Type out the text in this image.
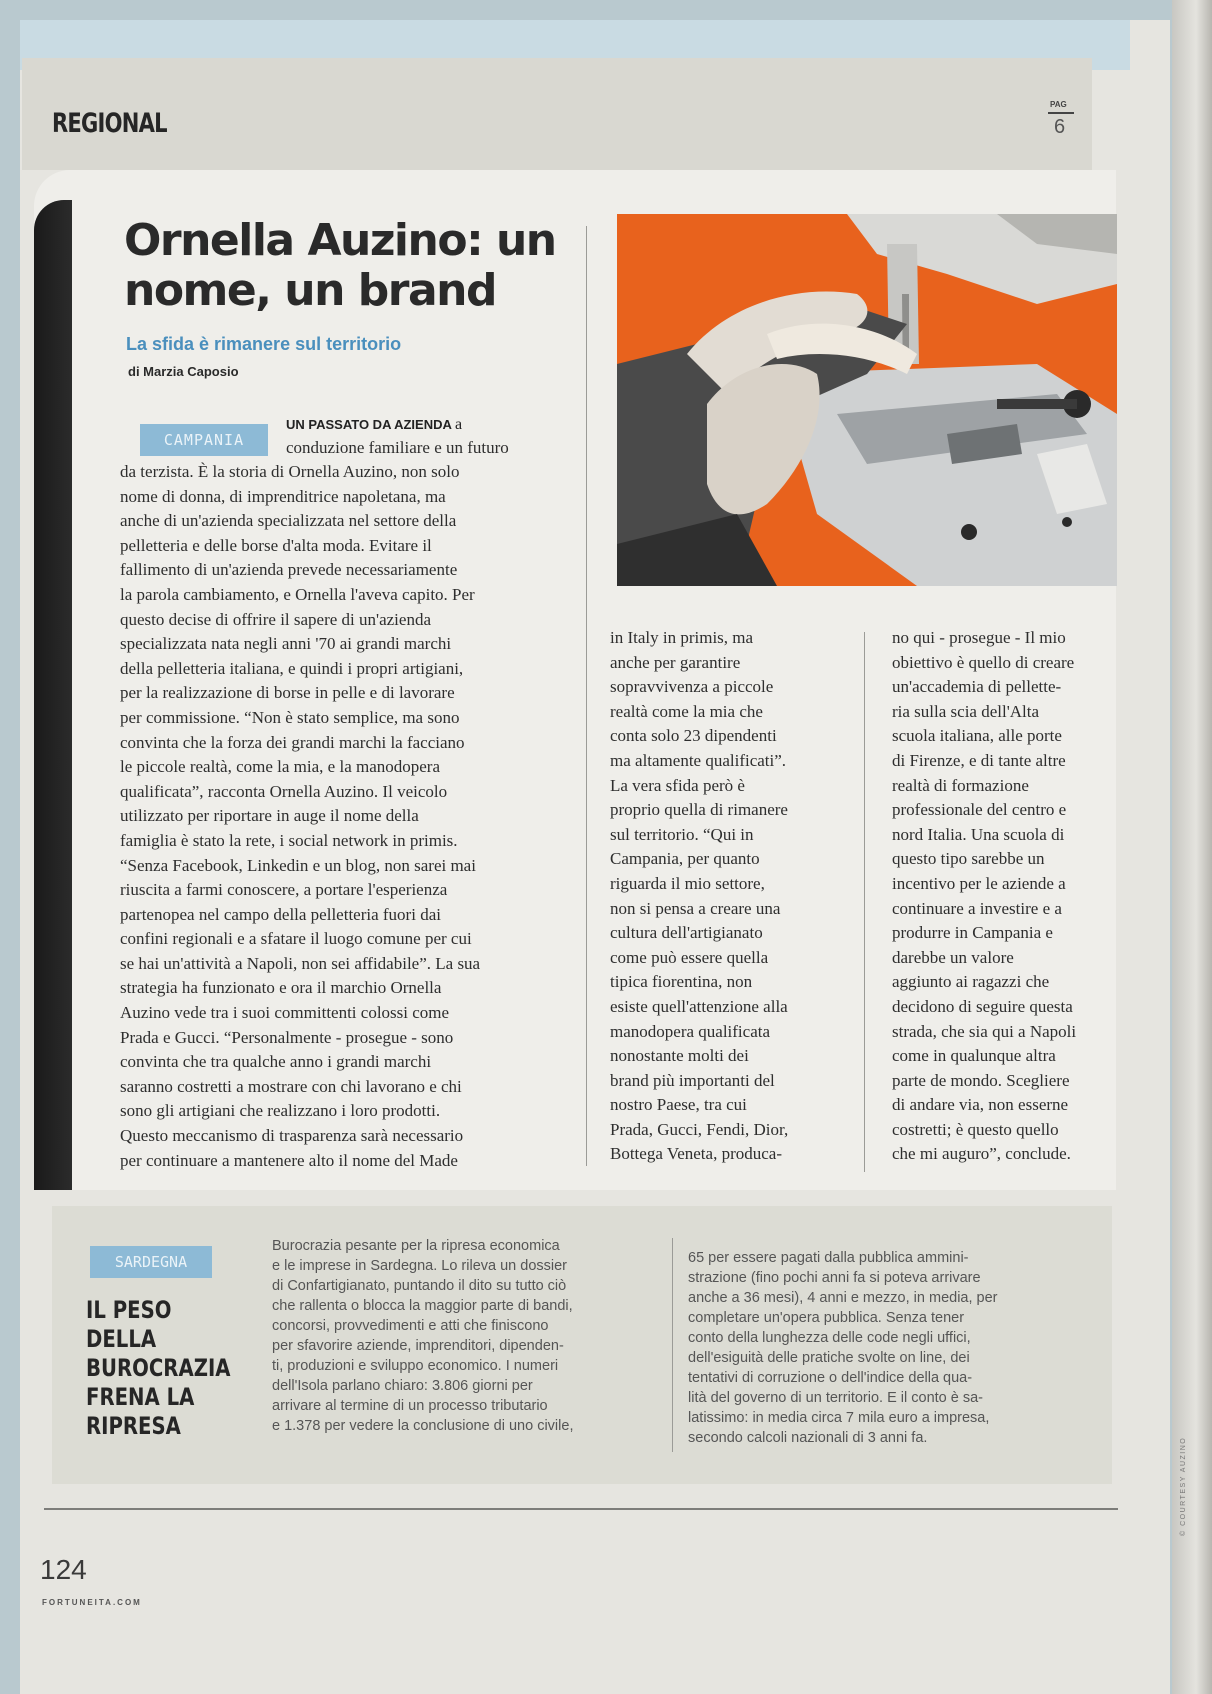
REGIONAL
PAG
6
Ornella Auzino: un nome, un brand
La sfida è rimanere sul territorio
di Marzia Caposio
CAMPANIA
UN PASSATO DA AZIENDA a

conduzione familiare e un futuro

da terzista. È la storia di Ornella Auzino, non solo
nome di donna, di imprenditrice napoletana, ma
anche di un'azienda specializzata nel settore della
pelletteria e delle borse d'alta moda. Evitare il
fallimento di un'azienda prevede necessariamente
la parola cambiamento, e Ornella l'aveva capito. Per
questo decise di offrire il sapere di un'azienda
specializzata nata negli anni '70 ai grandi marchi
della pelletteria italiana, e quindi i propri artigiani,
per la realizzazione di borse in pelle e di lavorare
per commissione. “Non è stato semplice, ma sono
convinta che la forza dei grandi marchi la facciano
le piccole realtà, come la mia, e la manodopera
qualificata”, racconta Ornella Auzino. Il veicolo
utilizzato per riportare in auge il nome della
famiglia è stato la rete, i social network in primis.
“Senza Facebook, Linkedin e un blog, non sarei mai
riuscita a farmi conoscere, a portare l'esperienza
partenopea nel campo della pelletteria fuori dai
confini regionali e a sfatare il luogo comune per cui
se hai un'attività a Napoli, non sei affidabile”. La sua
strategia ha funzionato e ora il marchio Ornella
Auzino vede tra i suoi committenti colossi come
Prada e Gucci. “Personalmente - prosegue - sono
convinta che tra qualche anno i grandi marchi
saranno costretti a mostrare con chi lavorano e chi
sono gli artigiani che realizzano i loro prodotti.
Questo meccanismo di trasparenza sarà necessario
per continuare a mantenere alto il nome del Made

in Italy in primis, ma
anche per garantire
sopravvivenza a piccole
realtà come la mia che
conta solo 23 dipendenti
ma altamente qualificati”.
La vera sfida però è
proprio quella di rimanere
sul territorio. “Qui in
Campania, per quanto
riguarda il mio settore,
non si pensa a creare una
cultura dell'artigianato
come può essere quella
tipica fiorentina, non
esiste quell'attenzione alla
manodopera qualificata
nonostante molti dei
brand più importanti del
nostro Paese, tra cui
Prada, Gucci, Fendi, Dior,
Bottega Veneta, produca-

no qui - prosegue - Il mio
obiettivo è quello di creare
un'accademia di pellette-
ria sulla scia dell'Alta
scuola italiana, alle porte
di Firenze, e di tante altre
realtà di formazione
professionale del centro e
nord Italia. Una scuola di
questo tipo sarebbe un
incentivo per le aziende a
continuare a investire e a
produrre in Campania e
darebbe un valore
aggiunto ai ragazzi che
decidono di seguire questa
strada, che sia qui a Napoli
come in qualunque altra
parte de mondo. Scegliere
di andare via, non esserne
costretti; è questo quello
che mi auguro”, conclude.

SARDEGNA
IL PESO DELLA
BUROCRAZIA
FRENA LA
RIPRESA

Burocrazia pesante per la ripresa economica
e le imprese in Sardegna. Lo rileva un dossier
di Confartigianato, puntando il dito su tutto ciò
che rallenta o blocca la maggior parte di bandi,
concorsi, provvedimenti e atti che finiscono
per sfavorire aziende, imprenditori, dipenden-
ti, produzioni e sviluppo economico. I numeri
dell'Isola parlano chiaro: 3.806 giorni per
arrivare al termine di un processo tributario
e 1.378 per vedere la conclusione di uno civile,

65 per essere pagati dalla pubblica ammini-
strazione (fino pochi anni fa si poteva arrivare
anche a 36 mesi), 4 anni e mezzo, in media, per
completare un'opera pubblica. Senza tener
conto della lunghezza delle code negli uffici,
dell'esiguità delle pratiche svolte on line, dei
tentativi di corruzione o dell'indice della qua-
lità del governo di un territorio. E il conto è sa-
latissimo: in media circa 7 mila euro a impresa,
secondo calcoli nazionali di 3 anni fa.

124
FORTUNEITA.COM
© COURTESY AUZINO
